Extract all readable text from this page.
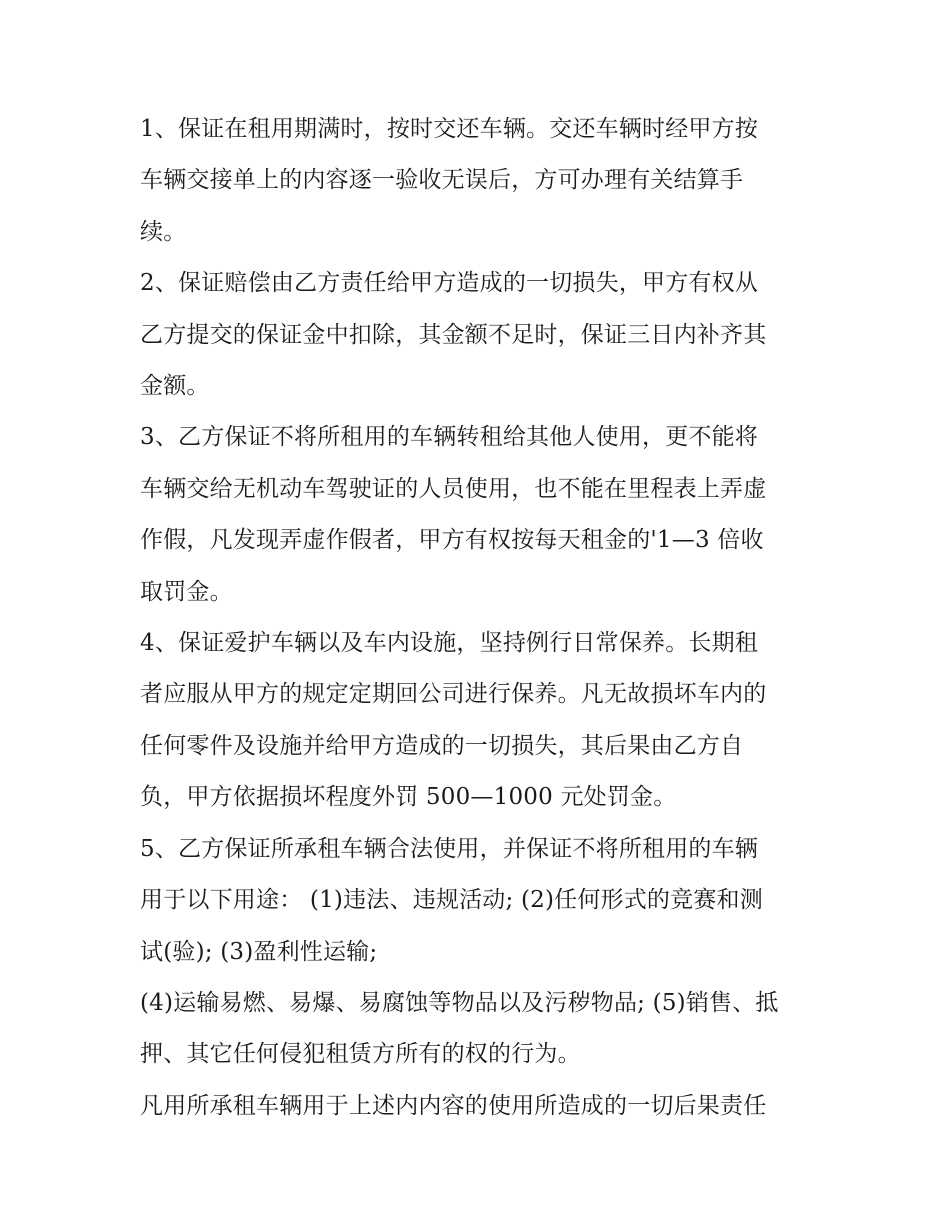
1、保证在租用期满时，按时交还车辆。交还车辆时经甲方按
车辆交接单上的内容逐一验收无误后，方可办理有关结算手
续。
2、保证赔偿由乙方责任给甲方造成的一切损失，甲方有权从
乙方提交的保证金中扣除，其金额不足时，保证三日内补齐其
金额。
3、乙方保证不将所租用的车辆转租给其他人使用，更不能将
车辆交给无机动车驾驶证的人员使用，也不能在里程表上弄虚
作假，凡发现弄虚作假者，甲方有权按每天租金的'1—3 倍收
取罚金。
4、保证爱护车辆以及车内设施，坚持例行日常保养。长期租
者应服从甲方的规定定期回公司进行保养。凡无故损坏车内的
任何零件及设施并给甲方造成的一切损失，其后果由乙方自
负，甲方依据损坏程度外罚 500—1000 元处罚金。
5、乙方保证所承租车辆合法使用，并保证不将所租用的车辆
用于以下用途： (1)违法、违规活动; (2)任何形式的竞赛和测
试(验); (3)盈利性运输;
(4)运输易燃、易爆、易腐蚀等物品以及污秽物品; (5)销售、抵
押、其它任何侵犯租赁方所有的权的行为。
凡用所承租车辆用于上述内内容的使用所造成的一切后果责任
